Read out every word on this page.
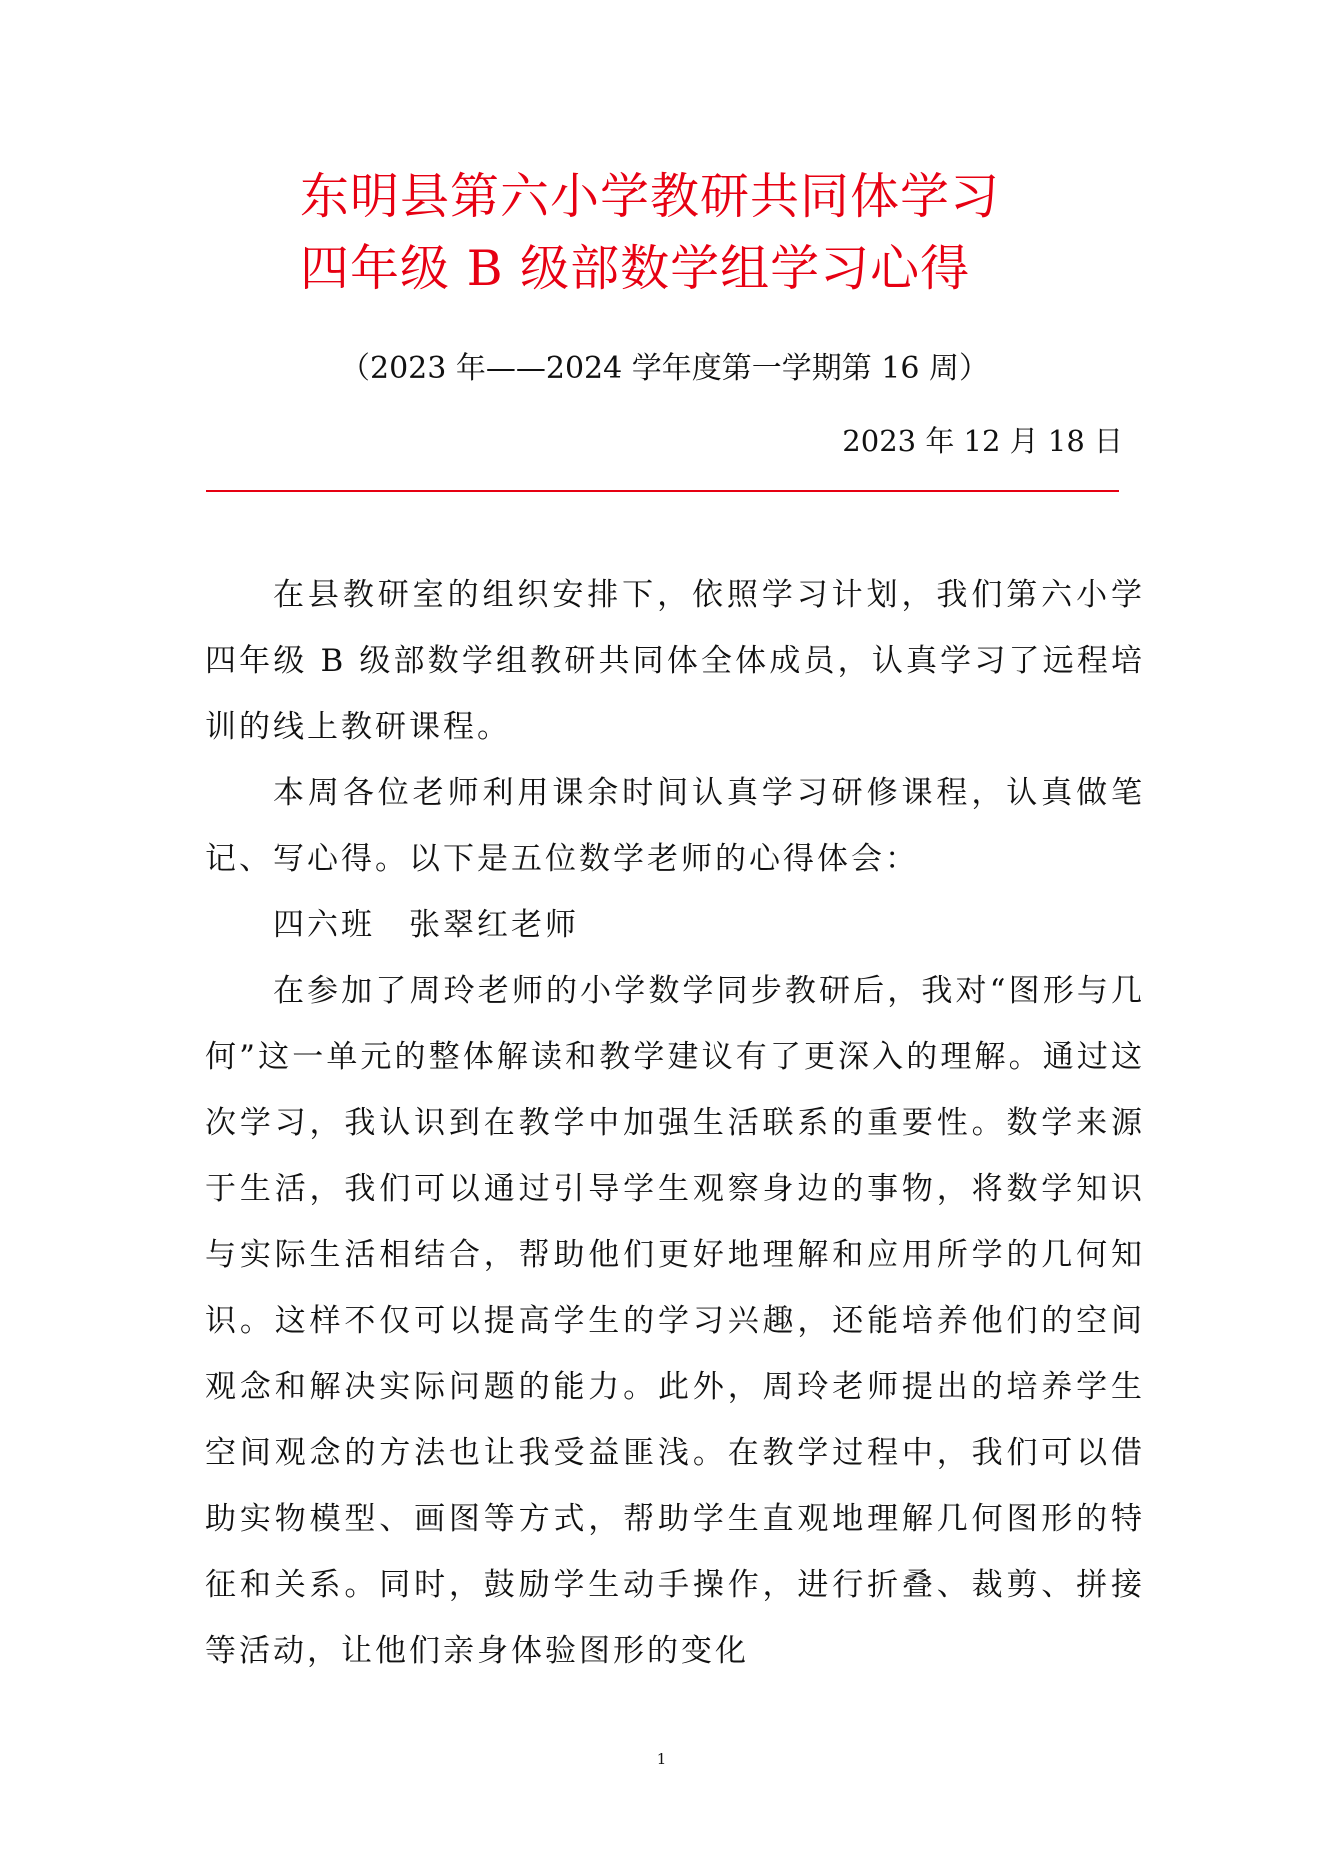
东明县第六小学教研共同体学习
四年级 B 级部数学组学习心得
（2023 年——2024 学年度第一学期第 16 周）
2023 年 12 月 18 日

在县教研室的组织安排下，依照学习计划，我们第六小学四年级 B 级部数学组教研共同体全体成员，认真学习了远程培训的线上教研课程。

本周各位老师利用课余时间认真学习研修课程，认真做笔记、写心得。以下是五位数学老师的心得体会：

四六班　张翠红老师

在参加了周玲老师的小学数学同步教研后，我对“图形与几何”这一单元的整体解读和教学建议有了更深入的理解。通过这次学习，我认识到在教学中加强生活联系的重要性。数学来源于生活，我们可以通过引导学生观察身边的事物，将数学知识与实际生活相结合，帮助他们更好地理解和应用所学的几何知识。这样不仅可以提高学生的学习兴趣，还能培养他们的空间观念和解决实际问题的能力。此外，周玲老师提出的培养学生空间观念的方法也让我受益匪浅。在教学过程中，我们可以借助实物模型、画图等方式，帮助学生直观地理解几何图形的特征和关系。同时，鼓励学生动手操作，进行折叠、裁剪、拼接等活动，让他们亲身体验图形的变化

1
